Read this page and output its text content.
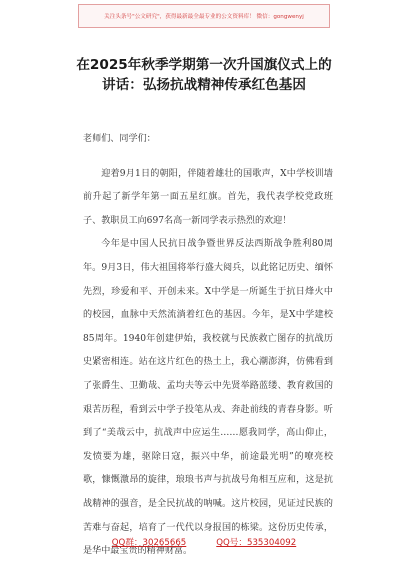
关注头条号"公文研究"，获得最新最全最专业的公文资料库！ 微信：gongwenyj
在2025年秋季学期第一次升国旗仪式上的
讲话：弘扬抗战精神传承红色基因

老师们、同学们：

迎着9月1日的朝阳，伴随着雄壮的国歌声，X中学校训墙前升起了新学年第一面五星红旗。首先，我代表学校党政班子、教职员工向697名高一新同学表示热烈的欢迎！

今年是中国人民抗日战争暨世界反法西斯战争胜利80周年。9月3日，伟大祖国将举行盛大阅兵，以此铭记历史、缅怀先烈，珍爱和平、开创未来。X中学是一所诞生于抗日烽火中的校园，血脉中天然流淌着红色的基因。今年，是X中学建校85周年。1940年创建伊始，我校就与民族救亡图存的抗战历史紧密相连。站在这片红色的热土上，我心潮澎湃，仿佛看到了张爵生、卫勤哉、孟均夫等云中先贤举路蓝缕、教育救国的艰苦历程，看到云中学子投笔从戎、奔赴前线的青春身影。听到了“美哉云中，抗战声中应运生……愿我同学，高山仰止，发愤要为雄，驱除日寇，振兴中华，前途最光明”的嘹亮校歌，慷慨激昂的旋律，琅琅书声与抗战号角相互应和，这是抗战精神的强音，是全民抗战的呐喊。这片校园，见证过民族的苦难与奋起，培育了一代代以身报国的栋梁。这份历史传承，是华中最宝贵的精神财富。

QQ群：30265665	QQ号：535304092
